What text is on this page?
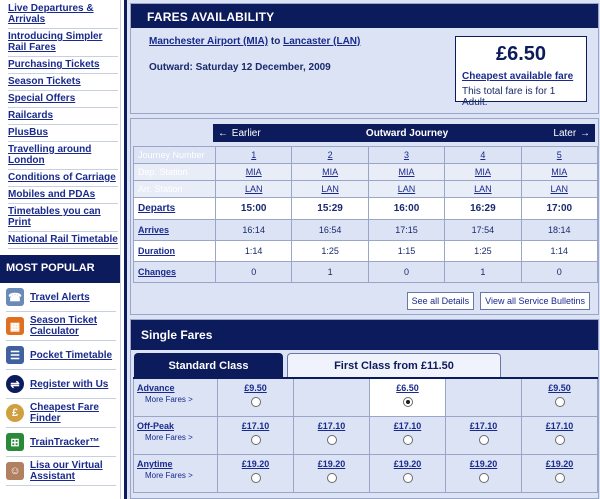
Live Departures & Arrivals
Introducing Simpler Rail Fares
Purchasing Tickets
Season Tickets
Special Offers
Railcards
PlusBus
Travelling around London
Conditions of Carriage
Mobiles and PDAs
Timetables you can Print
National Rail Timetable
MOST POPULAR
☎ Travel Alerts
▦ Season Ticket Calculator
☰	Pocket Timetable
⇌	Register with Us
£	Cheapest Fare Finder
⊞	TrainTracker™
☺ Lisa our Virtual Assistant
FARES AVAILABILITY
Manchester Airport (MIA) to Lancaster (LAN)
Outward: Saturday 12 December, 2009
£6.50
Cheapest available fare
This total fare is for 1 Adult.
← Earlier	Outward Journey	Later →
Journey Number	1	2	3	4	5
Dep. Station	MIA	MIA	MIA	MIA	MIA
Arr. Station	LAN	LAN	LAN	LAN	LAN
Departs	15:00	15:29	16:00	16:29	17:00
Arrives	16:14	16:54	17:15	17:54	18:14
Duration	1:14	1:25	1:15	1:25	1:14
Changes	0	1	0	1	0
See all Details	View all Service Bulletins
Single Fares
Standard Class	First Class from £11.50
Advance
More Fares >	£9.50		£6.50		£9.50

Off-Peak
More Fares >	£17.10	£17.10	£17.10	£17.10	£17.10

Anytime
More Fares >	£19.20	£19.20	£19.20	£19.20	£19.20
